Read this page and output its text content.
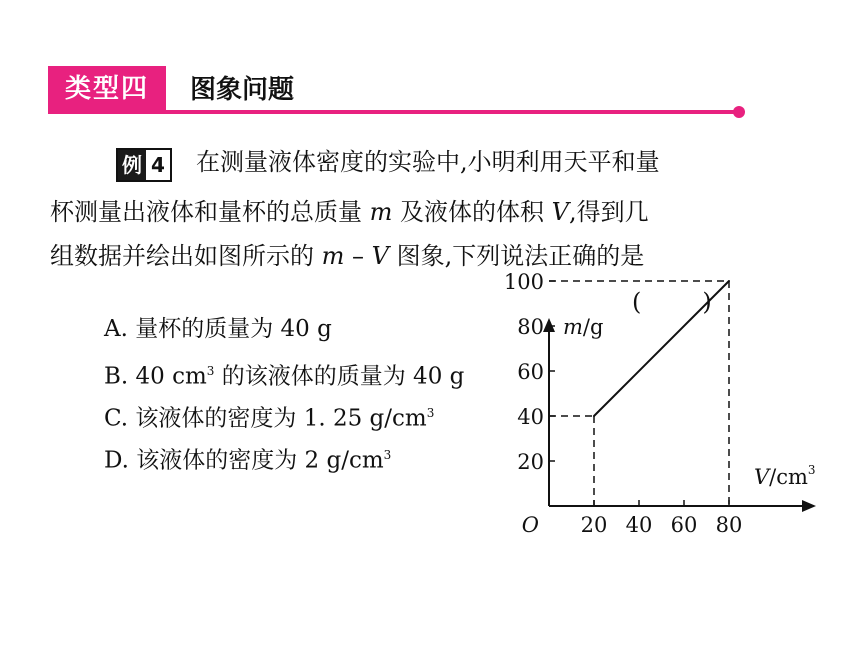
类型四	图象问题
例 4 在测量液体密度的实验中,小明利用天平和量
杯测量出液体和量杯的总质量 m 及液体的体积 V,得到几
组数据并绘出如图所示的 m – V 图象,下列说法正确的是
(        )
A. 量杯的质量为 40 g
B. 40 $cm^3$ 的该液体的质量为 40 g
C. 该液体的密度为 1. 25 $g/cm^3$
D. 该液体的密度为 2 $g/cm^3$
20 40 60 80
20
40
60
80
100
O
m/g
$V/cm^3$
